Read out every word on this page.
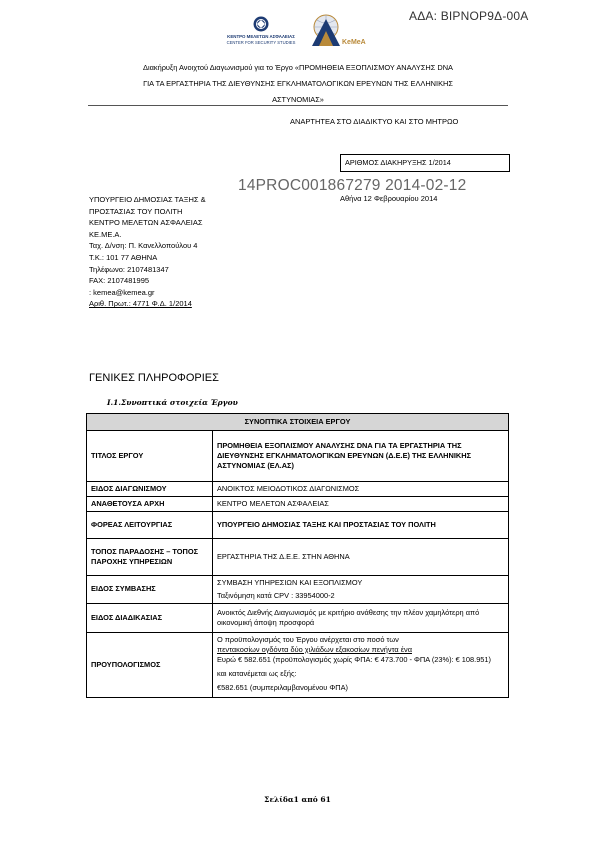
ΑΔΑ: ΒΙΡΝΟΡ9Δ-00Α
ΚΕΝΤΡΟ ΜΕΛΕΤΩΝ ΑΣΦΑΛΕΙΑΣ
CENTER FOR SECURITY STUDIES	KeMeA
Διακήρυξη Ανοιχτού Διαγωνισμού για το Έργο «ΠΡΟΜΗΘΕΙΑ ΕΞΟΠΛΙΣΜΟΥ ΑΝΑΛΥΣΗΣ DNA
ΓΙΑ ΤΑ ΕΡΓΑΣΤΗΡΙΑ ΤΗΣ ΔΙΕΥΘΥΝΣΗΣ ΕΓΚΛΗΜΑΤΟΛΟΓΙΚΩΝ ΕΡΕΥΝΩΝ ΤΗΣ ΕΛΛΗΝΙΚΗΣ
ΑΣΤΥΝΟΜΙΑΣ»
ΑΝΑΡΤΗΤΕΑ ΣΤΟ ΔΙΑΔΙΚΤΥΟ ΚΑΙ ΣΤΟ ΜΗΤΡΩΟ
ΑΡΙΘΜΟΣ ΔΙΑΚΗΡΥΞΗΣ 1/2014
14PROC001867279 2014-02-12
ΥΠΟΥΡΓΕΙΟ ΔΗΜΟΣΙΑΣ ΤΑΞΗΣ &
ΠΡΟΣΤΑΣΙΑΣ ΤΟΥ ΠΟΛΙΤΗ
ΚΕΝΤΡΟ ΜΕΛΕΤΩΝ ΑΣΦΑΛΕΙΑΣ
ΚΕ.ΜΕ.Α.
Ταχ. Δ/νση: Π. Κανελλοπούλου 4
Τ.Κ.: 101 77 ΑΘΗΝΑ
Τηλέφωνο: 2107481347
FAX: 2107481995
: kemea@kemea.gr
Αριθ. Πρωτ.: 4771 Φ.Δ. 1/2014
Αθήνα 12 Φεβρουαρίου 2014
ΓΕΝΙΚΕΣ ΠΛΗΡΟΦΟΡΙΕΣ
Ι.1.Συνοπτικά στοιχεία Έργου
ΣΥΝΟΠΤΙΚΑ ΣΤΟΙΧΕΙΑ ΕΡΓΟΥ	
ΤΙΤΛΟΣ ΕΡΓΟΥ	ΠΡΟΜΗΘΕΙΑ ΕΞΟΠΛΙΣΜΟΥ ΑΝΑΛΥΣΗΣ DNA ΓΙΑ ΤΑ ΕΡΓΑΣΤΗΡΙΑ ΤΗΣ ΔΙΕΥΘΥΝΣΗΣ ΕΓΚΛΗΜΑΤΟΛΟΓΙΚΩΝ ΕΡΕΥΝΩΝ (Δ.Ε.Ε) ΤΗΣ ΕΛΛΗΝΙΚΗΣ ΑΣΤΥΝΟΜΙΑΣ (ΕΛ.ΑΣ)
ΕΙΔΟΣ ΔΙΑΓΩΝΙΣΜΟΥ	ΑΝΟΙΚΤΟΣ ΜΕΙΟΔΟΤΙΚΟΣ ΔΙΑΓΩΝΙΣΜΟΣ
ΑΝΑΘΕΤΟΥΣΑ ΑΡΧΗ	ΚΕΝΤΡΟ ΜΕΛΕΤΩΝ ΑΣΦΑΛΕΙΑΣ
ΦΟΡΕΑΣ ΛΕΙΤΟΥΡΓΙΑΣ	ΥΠΟΥΡΓΕΙΟ ΔΗΜΟΣΙΑΣ ΤΑΞΗΣ ΚΑΙ ΠΡΟΣΤΑΣΙΑΣ ΤΟΥ ΠΟΛΙΤΗ
ΤΟΠΟΣ ΠΑΡΑΔΟΣΗΣ – ΤΟΠΟΣ ΠΑΡΟΧΗΣ ΥΠΗΡΕΣΙΩΝ	ΕΡΓΑΣΤΗΡΙΑ ΤΗΣ Δ.Ε.Ε. ΣΤΗΝ ΑΘΗΝΑ
ΕΙΔΟΣ ΣΥΜΒΑΣΗΣ	ΣΥΜΒΑΣΗ ΥΠΗΡΕΣΙΩΝ ΚΑΙ ΕΞΟΠΛΙΣΜΟΥ
Ταξινόμηση κατά CPV : 33954000-2

ΕΙΔΟΣ ΔΙΑΔΙΚΑΣΙΑΣ	Ανοικτός Διεθνής Διαγωνισμός με κριτήριο ανάθεσης την πλέον χαμηλότερη από οικονομική άποψη προσφορά
ΠΡΟΥΠΟΛΟΓΙΣΜΟΣ	Ο προϋπολογισμός του Έργου ανέρχεται στο ποσό των

πεντακοσίων ογδόντα δύο χιλιάδων εξακοσίων πενήντα ένα

Ευρώ € 582.651 (προϋπολογισμός χωρίς ΦΠΑ: € 473.700 - ΦΠΑ (23%): € 108.951)

και κατανέμεται ως εξής:

€582.651 (συμπεριλαμβανομένου ΦΠΑ)

Σελίδα1 από 61
